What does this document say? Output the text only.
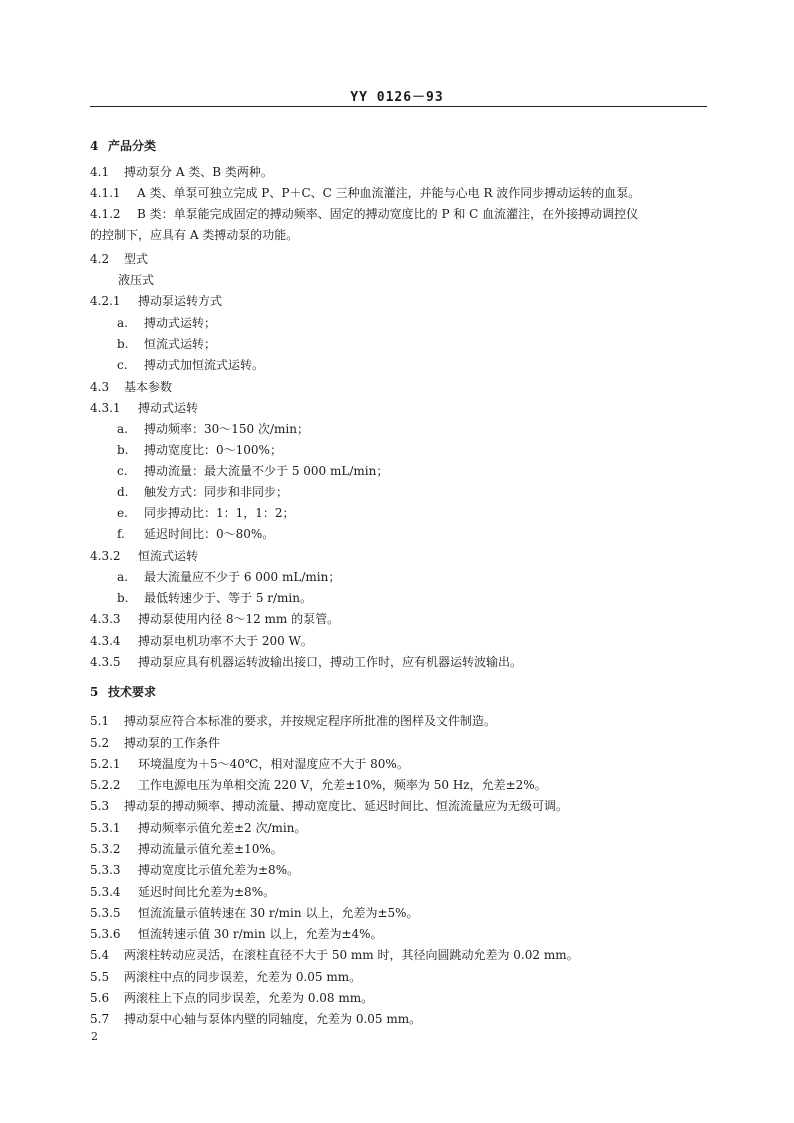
YY 0126－93
4 产品分类
4.1 搏动泵分 A 类、B 类两种。
4.1.1 A 类、单泵可独立完成 P、P＋C、C 三种血流灌注，并能与心电 R 波作同步搏动运转的血泵。
4.1.2 B 类：单泵能完成固定的搏动频率、固定的搏动宽度比的 P 和 C 血流灌注，在外接搏动调控仪
的控制下，应具有 A 类搏动泵的功能。
4.2 型式
液压式
4.2.1 搏动泵运转方式
a. 搏动式运转；
b. 恒流式运转；
c. 搏动式加恒流式运转。
4.3 基本参数
4.3.1 搏动式运转
a. 搏动频率：30～150 次/min；
b. 搏动宽度比：0～100%；
c. 搏动流量：最大流量不少于 5 000 mL/min；
d. 触发方式：同步和非同步；
e. 同步搏动比：1：1，1：2；
f. 延迟时间比：0～80%。
4.3.2 恒流式运转
a. 最大流量应不少于 6 000 mL/min；
b. 最低转速少于、等于 5 r/min。
4.3.3 搏动泵使用内径 8～12 mm 的泵管。
4.3.4 搏动泵电机功率不大于 200 W。
4.3.5 搏动泵应具有机器运转波输出接口，搏动工作时，应有机器运转波输出。
5 技术要求
5.1 搏动泵应符合本标准的要求，并按规定程序所批准的图样及文件制造。
5.2 搏动泵的工作条件
5.2.1 环境温度为＋5～40℃，相对湿度应不大于 80%。
5.2.2 工作电源电压为单相交流 220 V，允差±10%，频率为 50 Hz，允差±2%。
5.3 搏动泵的搏动频率、搏动流量、搏动宽度比、延迟时间比、恒流流量应为无级可调。
5.3.1 搏动频率示值允差±2 次/min。
5.3.2 搏动流量示值允差±10%。
5.3.3 搏动宽度比示值允差为±8%。
5.3.4 延迟时间比允差为±8%。
5.3.5 恒流流量示值转速在 30 r/min 以上，允差为±5%。
5.3.6 恒流转速示值 30 r/min 以上，允差为±4%。
5.4 两滚柱转动应灵活，在滚柱直径不大于 50 mm 时，其径向圆跳动允差为 0.02 mm。
5.5 两滚柱中点的同步误差，允差为 0.05 mm。
5.6 两滚柱上下点的同步误差，允差为 0.08 mm。
5.7 搏动泵中心轴与泵体内壁的同轴度，允差为 0.05 mm。
2
